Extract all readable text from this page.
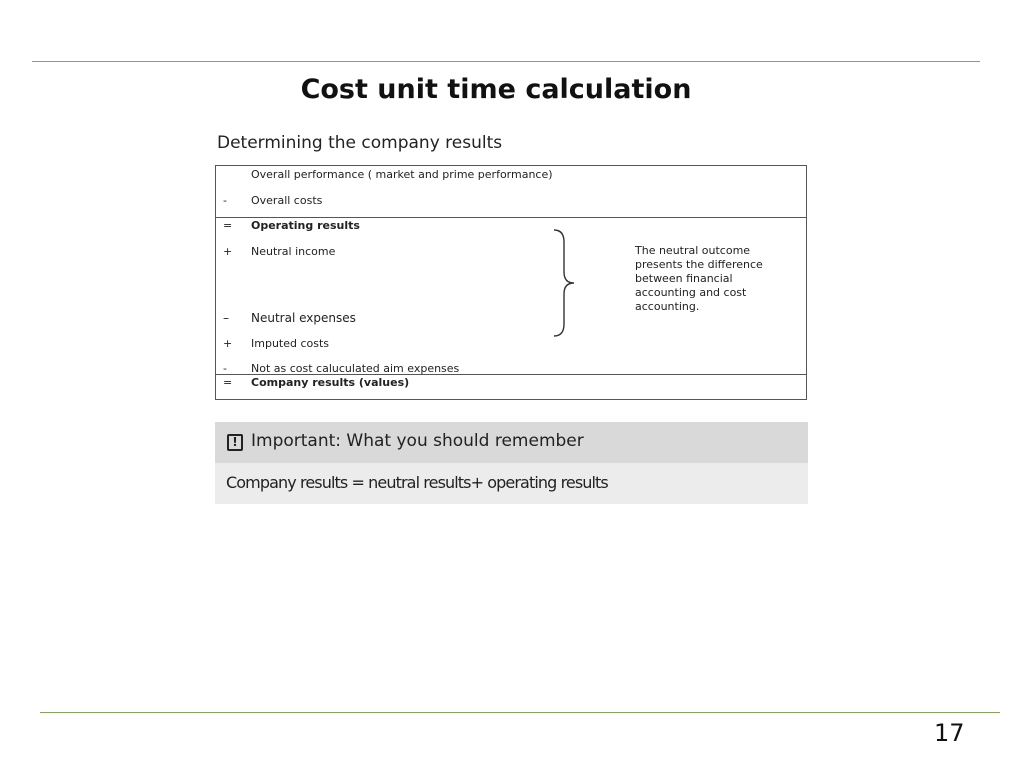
Cost unit time calculation
Determining the company results
Overall performance ( market and prime performance)
-	Overall costs
=	Operating results
+	Neutral income
–	Neutral expenses
+	Imputed costs
-	Not as cost caluculated aim expenses
=	Company results (values)
The neutral outcome
presents the difference
between financial
accounting and cost
accounting.
! Important: What you should remember
Company results = neutral results+ operating results
17
